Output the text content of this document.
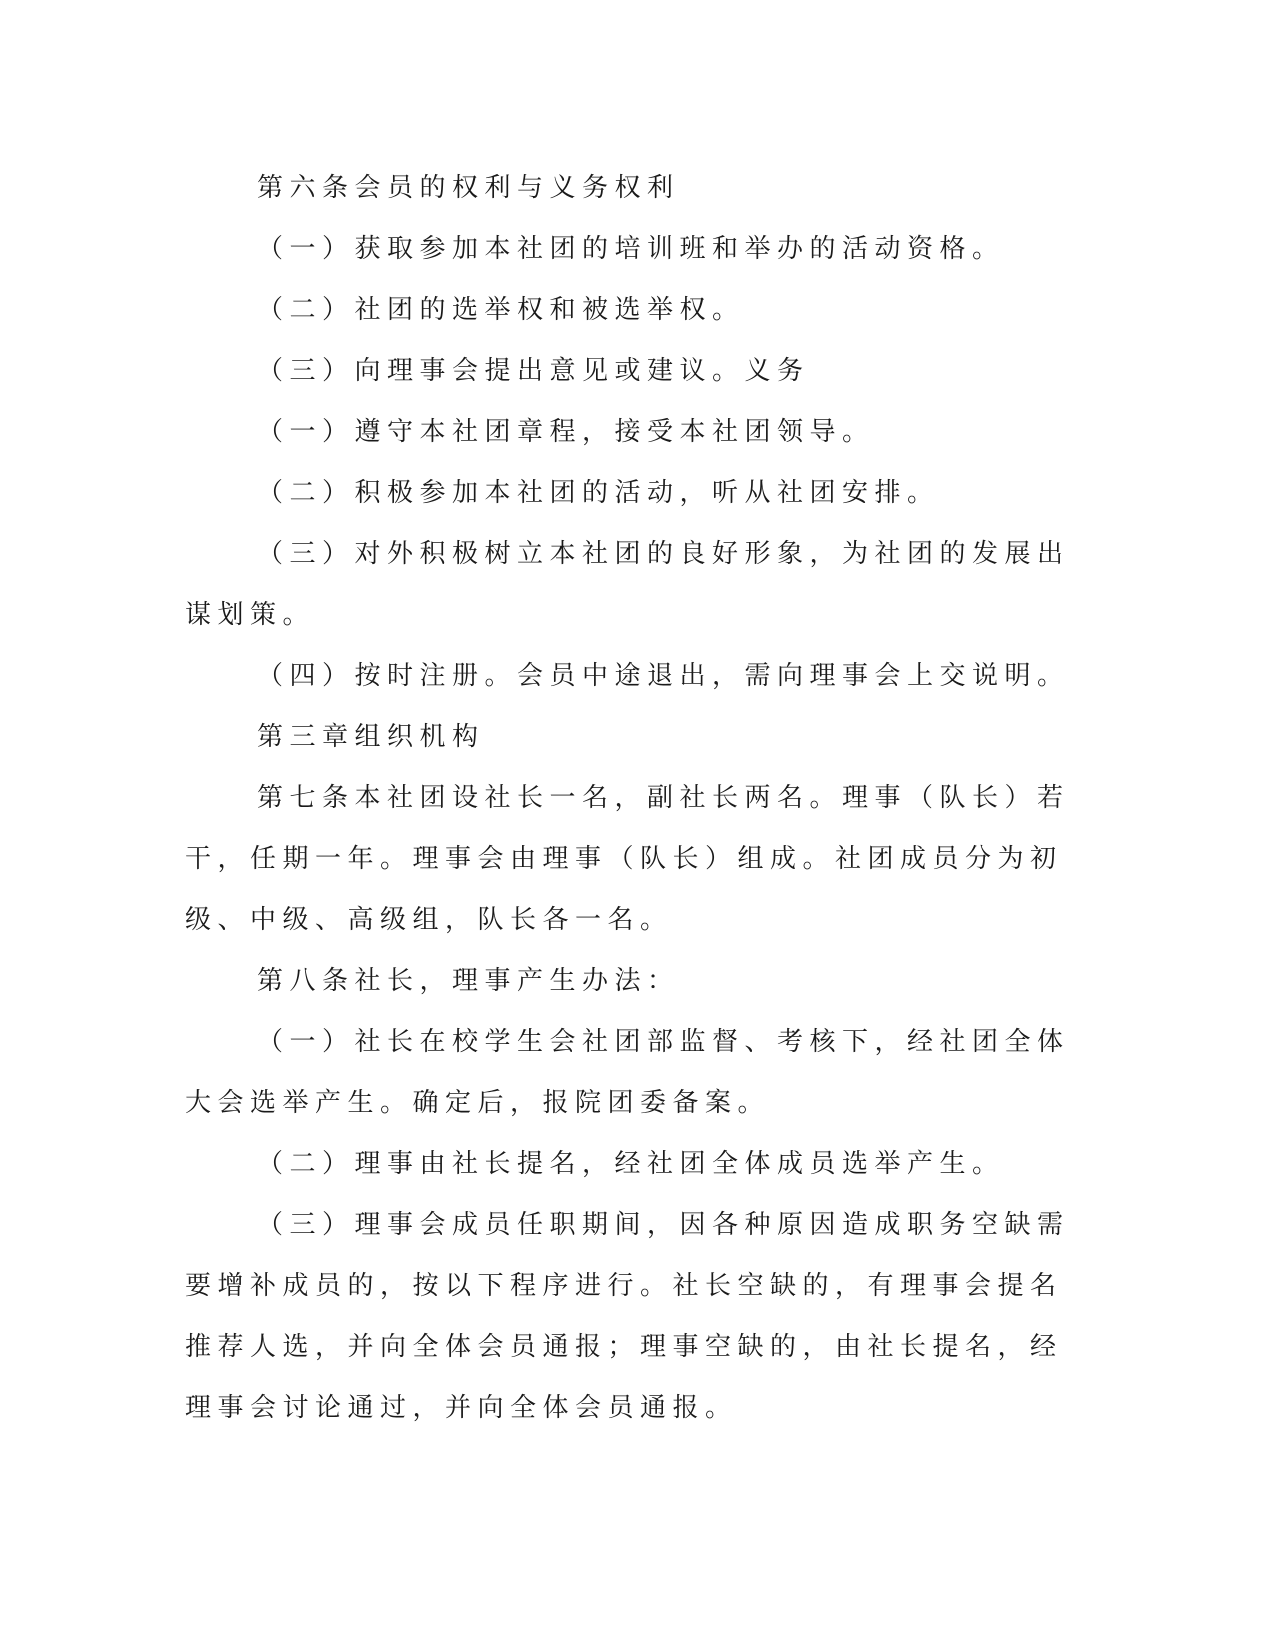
第六条会员的权利与义务权利

（一）获取参加本社团的培训班和举办的活动资格。

（二）社团的选举权和被选举权。

（三）向理事会提出意见或建议。义务

（一）遵守本社团章程，接受本社团领导。

（二）积极参加本社团的活动，听从社团安排。

（三）对外积极树立本社团的良好形象，为社团的发展出谋划策。

（四）按时注册。会员中途退出，需向理事会上交说明。

第三章组织机构

第七条本社团设社长一名，副社长两名。理事（队长）若干，任期一年。理事会由理事（队长）组成。社团成员分为初级、中级、高级组，队长各一名。

第八条社长，理事产生办法：

（一）社长在校学生会社团部监督、考核下，经社团全体大会选举产生。确定后，报院团委备案。

（二）理事由社长提名，经社团全体成员选举产生。

（三）理事会成员任职期间，因各种原因造成职务空缺需要增补成员的，按以下程序进行。社长空缺的，有理事会提名推荐人选，并向全体会员通报；理事空缺的，由社长提名，经理事会讨论通过，并向全体会员通报。
